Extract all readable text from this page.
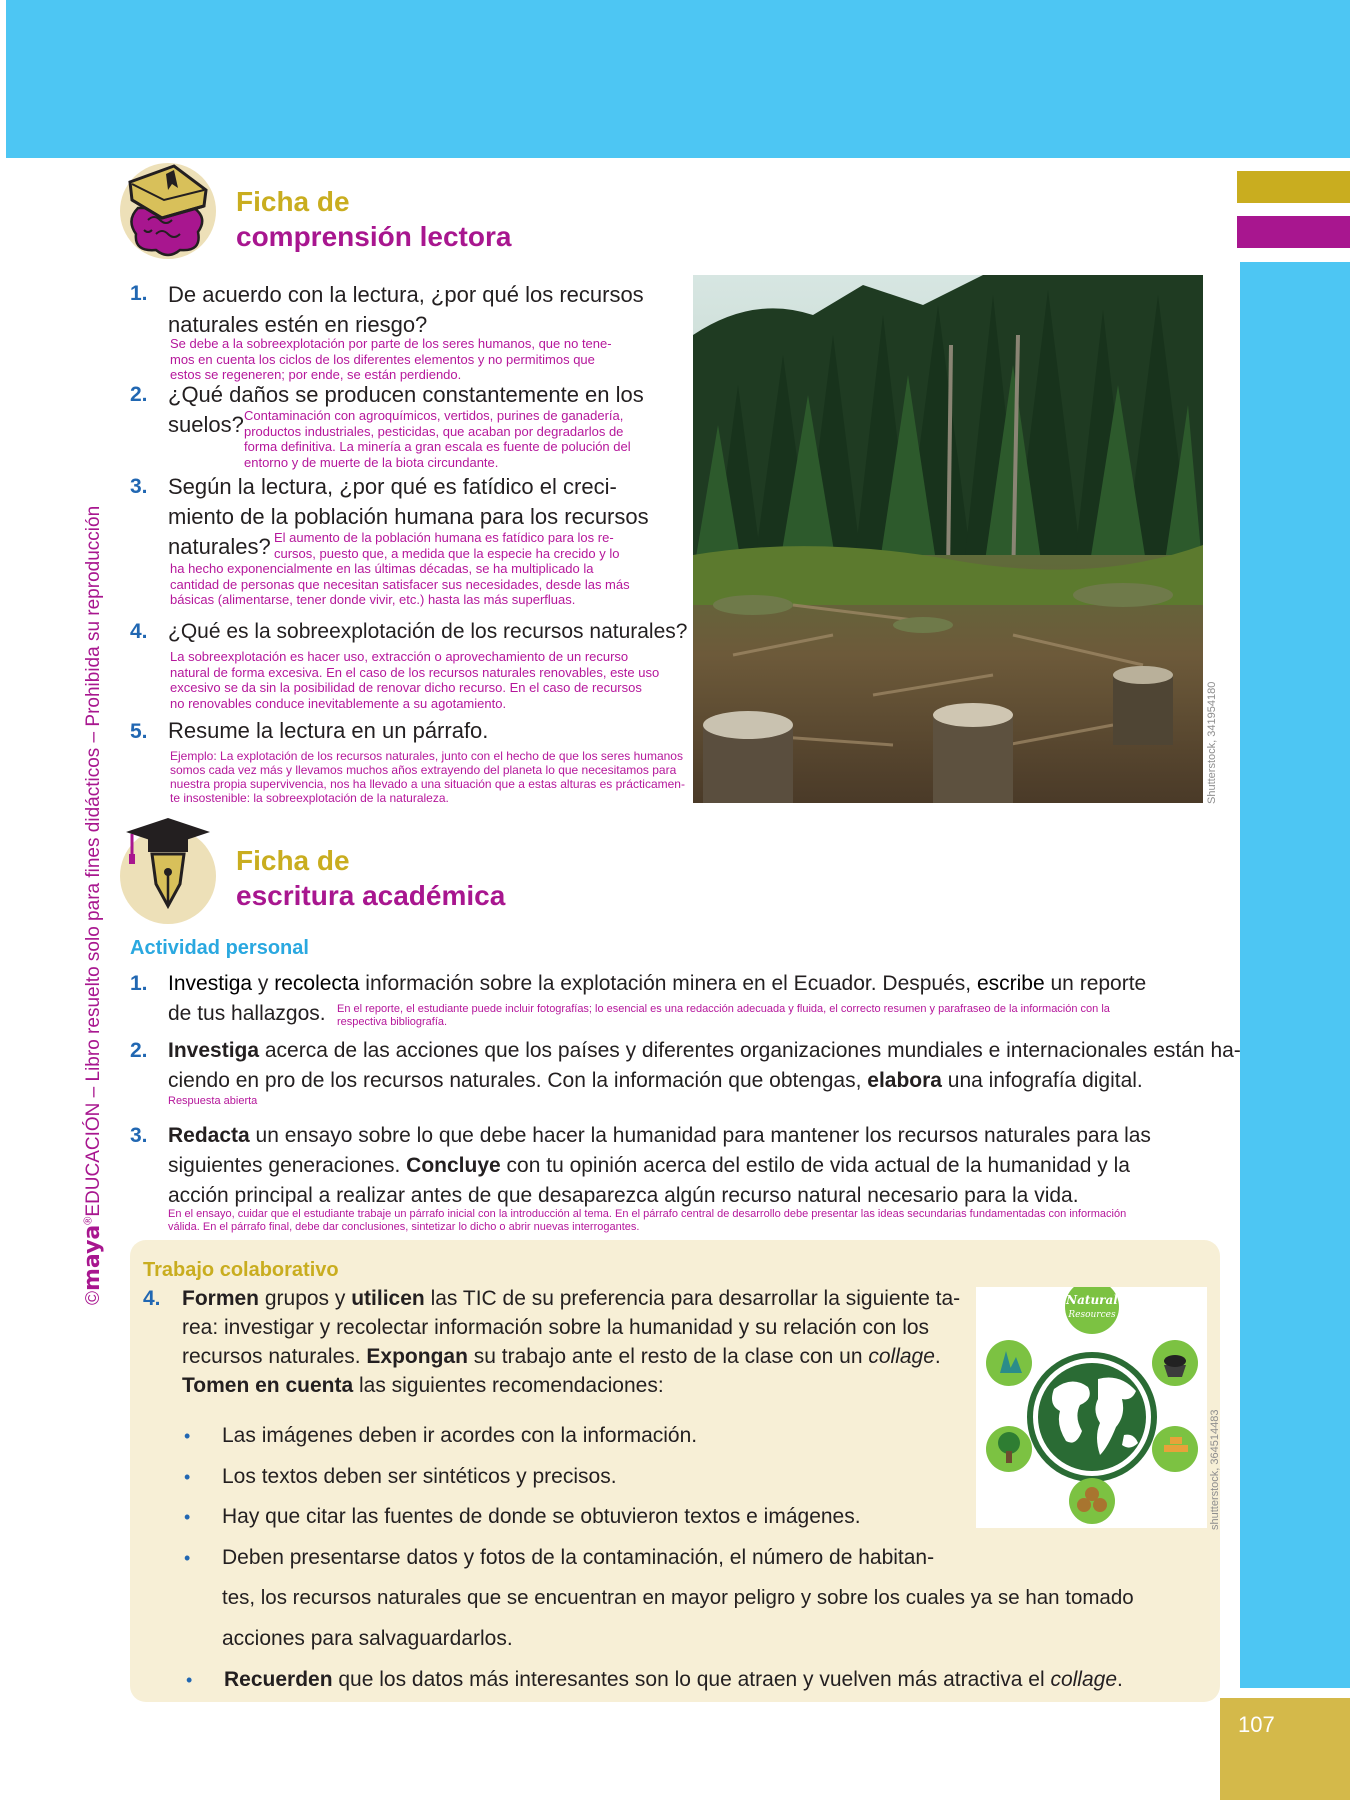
107
©maya®EDUCACIÓN – Libro resuelto solo para fines didácticos – Prohibida su reproducción
Ficha de
comprensión lectora
1. De acuerdo con la lectura, ¿por qué los recursos
naturales estén en riesgo?
Se debe a la sobreexplotación por parte de los seres humanos, que no tene-
mos en cuenta los ciclos de los diferentes elementos y no permitimos que
estos se regeneren; por ende, se están perdiendo.
2. ¿Qué daños se producen constantemente en los
suelos? Contaminación con agroquímicos, vertidos, purines de ganadería,
productos industriales, pesticidas, que acaban por degradarlos de
forma definitiva. La minería a gran escala es fuente de polución del
entorno y de muerte de la biota circundante.
3. Según la lectura, ¿por qué es fatídico el creci-
miento de la población humana para los recursos
naturales? El aumento de la población humana es fatídico para los re-
cursos, puesto que, a medida que la especie ha crecido y lo
ha hecho exponencialmente en las últimas décadas, se ha multiplicado la
cantidad de personas que necesitan satisfacer sus necesidades, desde las más
básicas (alimentarse, tener donde vivir, etc.) hasta las más superfluas.
4. ¿Qué es la sobreexplotación de los recursos naturales?
La sobreexplotación es hacer uso, extracción o aprovechamiento de un recurso
natural de forma excesiva. En el caso de los recursos naturales renovables, este uso
excesivo se da sin la posibilidad de renovar dicho recurso. En el caso de recursos
no renovables conduce inevitablemente a su agotamiento.
5. Resume la lectura en un párrafo.
Ejemplo: La explotación de los recursos naturales, junto con el hecho de que los seres humanos
somos cada vez más y llevamos muchos años extrayendo del planeta lo que necesitamos para
nuestra propia supervivencia, nos ha llevado a una situación que a estas alturas es prácticamen-
te insostenible: la sobreexplotación de la naturaleza.	Shutterstock, 341954180
Ficha de
escritura académica
Actividad personal
1. Investiga y recolecta información sobre la explotación minera en el Ecuador. Después, escribe un reporte
de tus hallazgos.	En el reporte, el estudiante puede incluir fotografías; lo esencial es una redacción adecuada y fluida, el correcto resumen y parafraseo de la información con la
respectiva bibliografía.
2. Investiga acerca de las acciones que los países y diferentes organizaciones mundiales e internacionales están ha-
ciendo en pro de los recursos naturales. Con la información que obtengas, elabora una infografía digital.
Respuesta abierta
3. Redacta un ensayo sobre lo que debe hacer la humanidad para mantener los recursos naturales para las
siguientes generaciones. Concluye con tu opinión acerca del estilo de vida actual de la humanidad y la
acción principal a realizar antes de que desaparezca algún recurso natural necesario para la vida.
En el ensayo, cuidar que el estudiante trabaje un párrafo inicial con la introducción al tema. En el párrafo central de desarrollo debe presentar las ideas secundarias fundamentadas con información
válida. En el párrafo final, debe dar conclusiones, sintetizar lo dicho o abrir nuevas interrogantes.
Trabajo colaborativo
4. Formen grupos y utilicen las TIC de su preferencia para desarrollar la siguiente ta-
rea: investigar y recolectar información sobre la humanidad y su relación con los
recursos naturales. Expongan su trabajo ante el resto de la clase con un collage.
Tomen en cuenta las siguientes recomendaciones:
• Las imágenes deben ir acordes con la información.
• Los textos deben ser sintéticos y precisos.
• Hay que citar las fuentes de donde se obtuvieron textos e imágenes.
• Deben presentarse datos y fotos de la contaminación, el número de habitan-
tes, los recursos naturales que se encuentran en mayor peligro y sobre los cuales ya se han tomado
acciones para salvaguardarlos.
• Recuerden que los datos más interesantes son lo que atraen y vuelven más atractiva el collage.
Natural
Resources
shutterstock, 364514483
